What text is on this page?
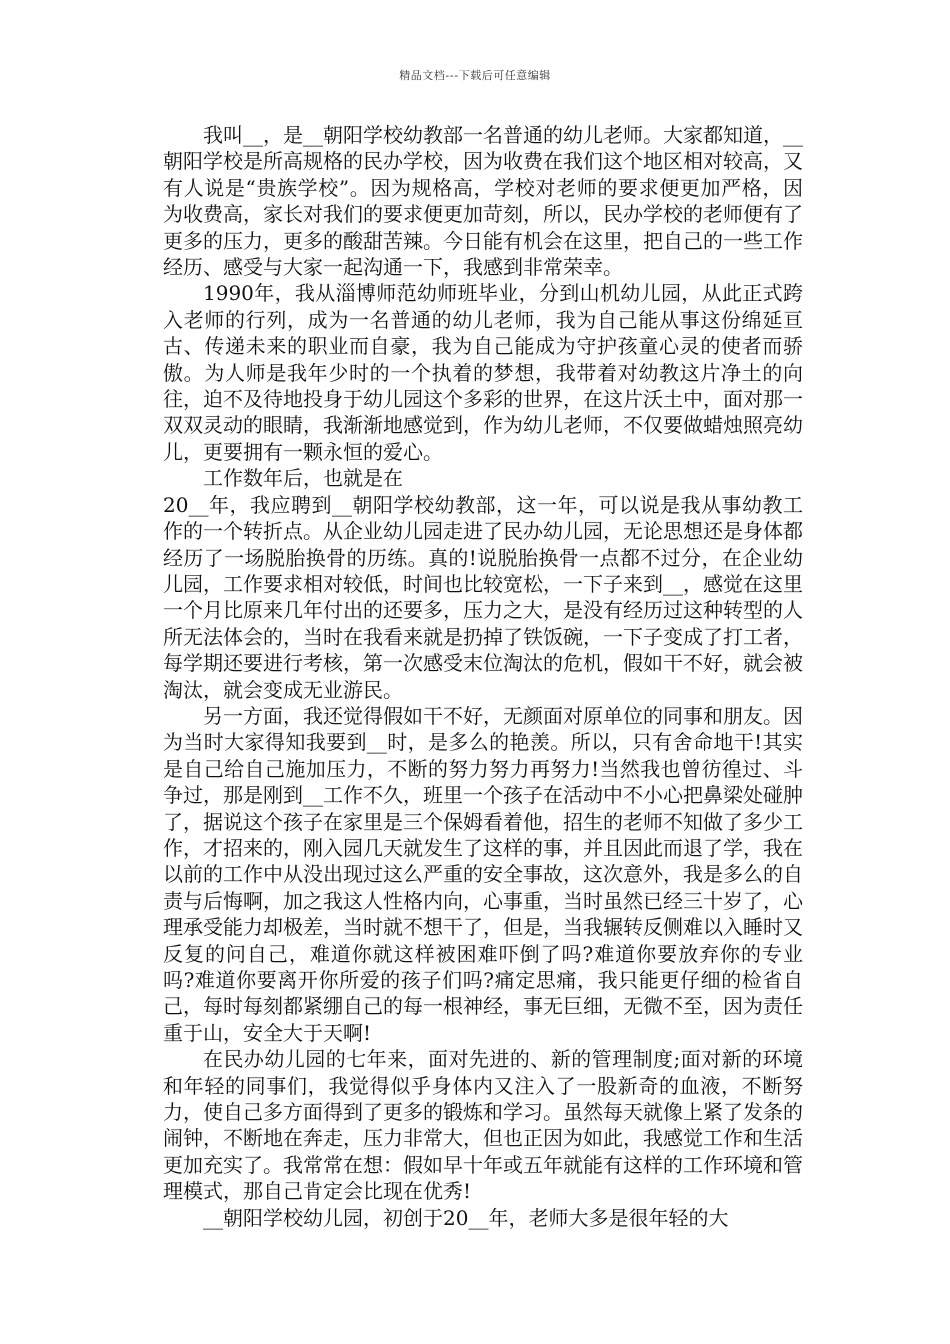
精品文档---下载后可任意编辑

我叫__，是__朝阳学校幼教部一名普通的幼儿老师。大家都知道，__朝阳学校是所高规格的民办学校，因为收费在我们这个地区相对较高，又有人说是“贵族学校”。因为规格高，学校对老师的要求便更加严格，因为收费高，家长对我们的要求便更加苛刻，所以，民办学校的老师便有了更多的压力，更多的酸甜苦辣。今日能有机会在这里，把自己的一些工作经历、感受与大家一起沟通一下，我感到非常荣幸。

1990年，我从淄博师范幼师班毕业，分到山机幼儿园，从此正式跨入老师的行列，成为一名普通的幼儿老师，我为自己能从事这份绵延亘古、传递未来的职业而自豪，我为自己能成为守护孩童心灵的使者而骄傲。为人师是我年少时的一个执着的梦想，我带着对幼教这片净土的向往，迫不及待地投身于幼儿园这个多彩的世界，在这片沃土中，面对那一双双灵动的眼睛，我渐渐地感觉到，作为幼儿老师，不仅要做蜡烛照亮幼儿，更要拥有一颗永恒的爱心。

工作数年后，也就是在

20__年，我应聘到__朝阳学校幼教部，这一年，可以说是我从事幼教工作的一个转折点。从企业幼儿园走进了民办幼儿园，无论思想还是身体都经历了一场脱胎换骨的历练。真的!说脱胎换骨一点都不过分，在企业幼儿园，工作要求相对较低，时间也比较宽松，一下子来到__，感觉在这里一个月比原来几年付出的还要多，压力之大，是没有经历过这种转型的人所无法体会的，当时在我看来就是扔掉了铁饭碗，一下子变成了打工者，每学期还要进行考核，第一次感受末位淘汰的危机，假如干不好，就会被淘汰，就会变成无业游民。

另一方面，我还觉得假如干不好，无颜面对原单位的同事和朋友。因为当时大家得知我要到__时，是多么的艳羡。所以，只有舍命地干!其实是自己给自己施加压力，不断的努力努力再努力!当然我也曾彷徨过、斗争过，那是刚到__工作不久，班里一个孩子在活动中不小心把鼻梁处碰肿了，据说这个孩子在家里是三个保姆看着他，招生的老师不知做了多少工作，才招来的，刚入园几天就发生了这样的事，并且因此而退了学，我在以前的工作中从没出现过这么严重的安全事故，这次意外，我是多么的自责与后悔啊，加之我这人性格内向，心事重，当时虽然已经三十岁了，心理承受能力却极差，当时就不想干了，但是，当我辗转反侧难以入睡时又反复的问自己，难道你就这样被困难吓倒了吗?难道你要放弃你的专业吗?难道你要离开你所爱的孩子们吗?痛定思痛，我只能更仔细的检省自己，每时每刻都紧绷自己的每一根神经，事无巨细，无微不至，因为责任重于山，安全大于天啊!

在民办幼儿园的七年来，面对先进的、新的管理制度;面对新的环境和年轻的同事们，我觉得似乎身体内又注入了一股新奇的血液，不断努力，使自己多方面得到了更多的锻炼和学习。虽然每天就像上紧了发条的闹钟，不断地在奔走，压力非常大，但也正因为如此，我感觉工作和生活更加充实了。我常常在想：假如早十年或五年就能有这样的工作环境和管理模式，那自己肯定会比现在优秀!

__朝阳学校幼儿园，初创于20__年，老师大多是很年轻的大
